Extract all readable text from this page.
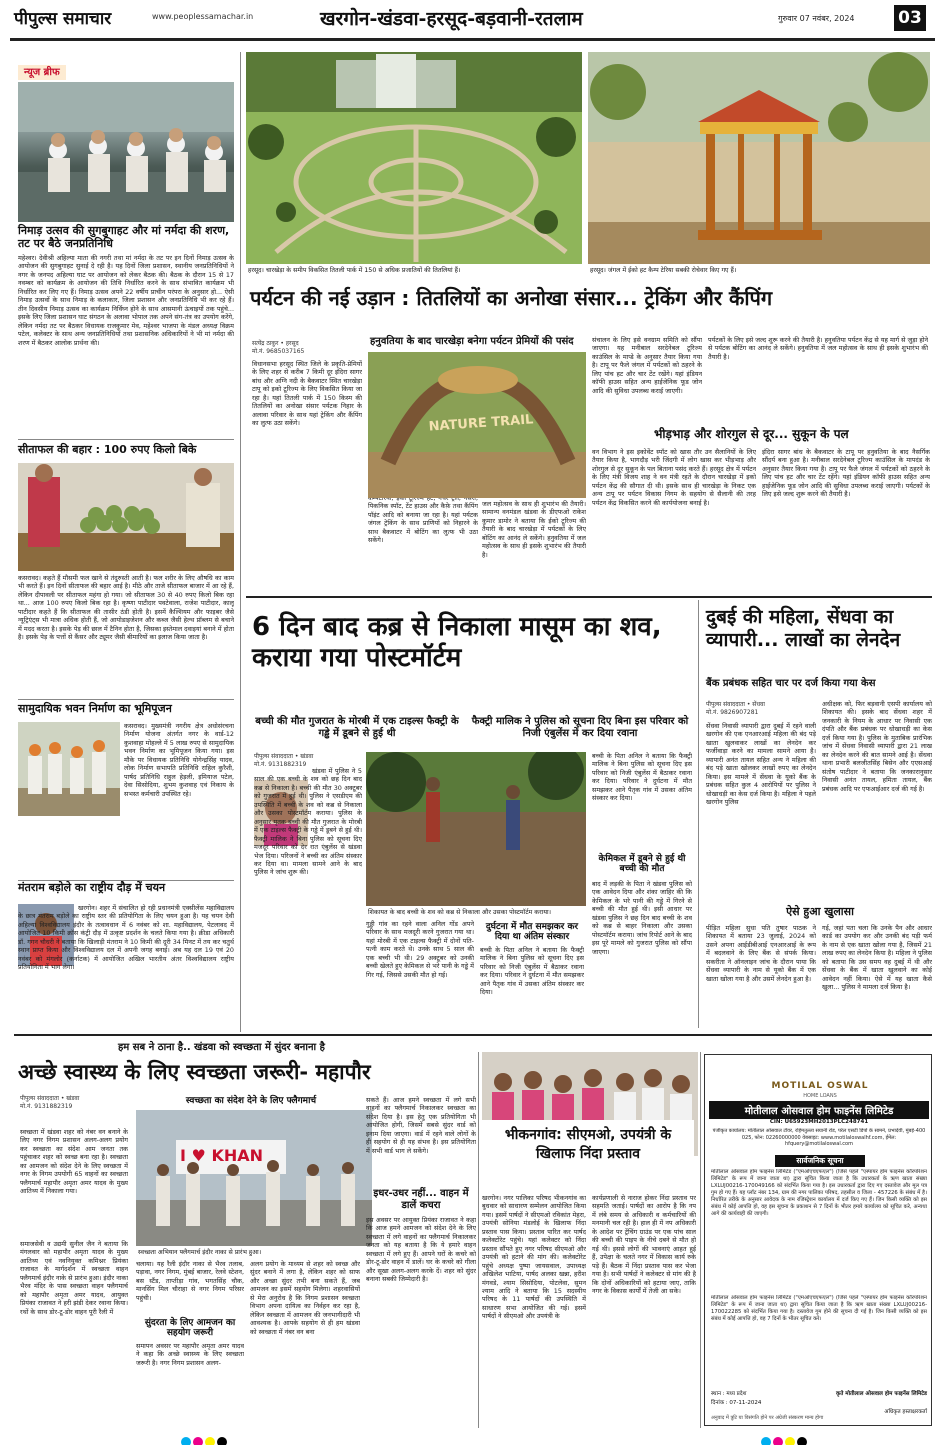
पीपुल्स समाचार	www.peoplessamachar.in	खरगोन-खंडवा-हरसूद-बड़वानी-रतलाम	गुरुवार 07 नवंबर, 2024	03
न्यूज ब्रीफ
निमाड़ उत्सव की सुगबुगाहट और मां नर्मदा की शरण, तट पर बैठे जनप्रतिनिधि
महेश्वर। देवीश्री अहिल्या माता की नगरी तथा मां नर्मदा के तट पर इन दिनों निमाड़ उत्सव के आयोजन की सुगबुगाहट सुनाई दे रही है। यह दिनों जिला प्रशासन, स्थानीय जनप्रतिनिधियों ने नगर के जनपद अहिल्या घाट पर आयोजन को लेकर बैठक की। बैठक के दौरान 15 से 17 नवम्बर को कार्यक्रम के आयोजन की तिथि निर्धारित करने के साथ संभावित कार्यक्रम भी निर्धारित कर लिए गए हैं। निमाड़ उत्सव अपने 22 वर्षीय प्राचीन परंपरा के अनुसार हो... ऐसी निमाड़ उत्सवों के साथ निमाड़ के कलाकार, जिला प्रशासन और जनप्रतिनिधि भी कर रहे हैं। तीन दिवसीय निमाड़ उत्सव का कार्यक्रम निर्विघ्न होने के साथ आसमानी ऊंचाइयों तक पहुंचे... इसके लिए जिला प्रशासन घाट संगठन के अलावा भोपाल तक अपने संग-तंत्र का उपयोग करेंगे, लेकिन नर्मदा तट पर बैठकर विधायक राजकुमार मेव, महेश्वर भाजपा के मंडल अध्यक्ष विक्रम पटेल, कलेक्टर के साथ अन्य जनप्रतिनिधियों तथा प्रशासनिक अधिकारियों ने भी मां नर्मदा की शरण में बैठकर आलोक प्रार्थना की।
सीताफल की बहार : 100 रुपए किलो बिके
कसरावद। कहते हैं मौसमी फल खाने से तंदुरुस्ती आती है। फल शरीर के लिए औषधि का काम भी करते हैं। इन दिनों सीताफल की बहार आई है। मीठे और ताजे सीताफल बाजार में आ रहे हैं, लेकिन दीपावली पर सीताफल महंगा हो गया। जो सीताफल 30 से 40 रुपए किलो बिक रहा था... आज 100 रुपए किलो बिक रहा है। कृष्णा पाटीदार पवटेवाला, राजेश पाटीदार, कालू पाटीदार कहते हैं कि सीताफल की तासीर ठंडी होती है। इसमें कैल्शियम और फाइबर जैसे न्यूट्रिएंट्स भी मात्रा अधिक होती हैं, जो आयोडाइजेशन और कब्ज जैसी हेल्थ प्रॉब्लम से बचाने में मदद करता है। इसके पेड़ की छाल में टैनिन होता है, जिसका इस्तेमाल दवाइयां बनाने में होता है। इसके पेड़ के पत्तों से कैंसर और ट्यूमर जैसी बीमारियों का इलाज किया जाता है।
सामुदायिक भवन निर्माण का भूमिपूजन
कसरावद। मुख्यमंत्री नगरीय क्षेत्र अधोसंरचना निर्माण योजना अंतर्गत नगर के वार्ड-12 कुशवाहा मोहल्ले में 5 लाख रुपए से सामुदायिक भवन निर्माण का भूमिपूजन किया गया। इस मौके पर विधायक प्रतिनिधि योगेन्द्रसिंह यादव, लोक निर्माण सभापति प्रतिनिधि राहिल कुरैशी, पार्षद प्रतिनिधि राहुल हेड़ली, इमियाज पटेल, देवा सिसोदिया, शुभम कुशवाह एवं निकाय के सभस्त कर्मचारी उपस्थित रहे।
मंतराम बड़ोले का राष्ट्रीय दौड़ में चयन
खरगोन। शहर में संचालित हो रही प्रधानमंत्री एक्सीलेंस महाविद्यालय के छात्र मंतराम बड़ोले का राष्ट्रीय स्तर की प्रतियोगिता के लिए चयन हुआ है। यह चयन देवी अहिल्या विश्वविद्यालय इंदौर के तत्वावधान में 6 नवंबर को शा. महाविद्यालय, पेटलावद में आयोजित 10 किमी क्रॉस कंट्री दौड़ में उत्कृष्ट प्रदर्शन के चलते किया गया है। क्रीडा अधिकारी डॉ. गगन चौधरी ने बताया कि खिलाड़ी मंतराम ने 10 किमी की दूरी 34 मिनट में तय कर चतुर्थ स्थान प्राप्त किया और विश्वविद्यालय दल में अपनी जगह बनाई। अब यह दल 19 एवं 20 नवंबर को मंगलोर (कर्नाटक) में आयोजित अखिल भारतीय अंतर विश्वविद्यालय राष्ट्रीय प्रतियोगिता में भाग लेगा।
हरसूद। चारखेड़ा के समीप विकसित तितली पार्क में 150 से अधिक प्रजातियों की तितलियां हैं।	हरसूद। जंगल में ईको हट कैम्प टेरिया सबकी रोचेवार किए गए हैं।
पर्यटन की नई उड़ान : तितलियों का अनोखा संसार... ट्रेकिंग और कैंपिंग
सत्येंद्र ठाकुर • हरसूद
मो.नं. 9685037165
हनुवतिया के बाद चारखेड़ा बनेगा पर्यटन प्रेमियों की पसंद
विधानसभा हरसूद स्थित जिले के प्रकृति-प्रेमियों के लिए शहर से करीब 7 किमी दूर इंदिरा सागर बांध और अग्नि नदी के बैकवाटर स्थित चारखेड़ा टापू को इको टूरिज्म के लिए विकसित किया जा रहा है। यहां तितली पार्क में 150 किस्म की तितलियों का अनोखा संसार पर्यटक निहार के अलावा परिवार के साथ यहां ट्रेकिंग और कैंपिंग का लुत्फ उठा सकेंगे।
पिकनिक स्पॉट, टेंट हाउस और कैफ़े तथा कैंपिंग पॉइंट आदि को बनाया जा रहा है। यहां पर्यटक जंगल ट्रेकिंग के साथ प्राणियों को निहारने के साथ बैकवाटर में बोटिंग का लुत्फ भी उठा सकेंगे।
NATURE TRAIL
जल महोत्सव के साथ ही शुभारंभ की तैयारी। सामान्य वनमंडल खंडवा के डीएफओ राकेश कुमार डामोर ने बताया कि ईको टूरिज्म की तैयारी के बाद चारखेड़ा में पर्यटकों के लिए बोटिंग का आनंद ले सकेंगे। हनुवतिया में जल महोत्सव के साथ ही इसके शुभारंभ की तैयारी है।
संचालन के लिए इसे वनग्राम समिति को सौंपा जाएगा। यह मनीबाल सरदेनेबल टूरिज्म काउंसिल के माप्डे के अनुसार तैयार किया गया है। टापू पर फैले जंगल में पर्यटकों को ठहरने के लिए पांच हट और चार टेंट रखेंगे। यहां इंडियन कॉफी हाउस सहित अन्य हाईजेनिक फूड जोन आदि की सुविधा उपलब्ध कराई जाएगी।
पर्यटकों के लिए इसे जल्द शुरू करने की तैयारी है। हनुवतिया पर्यटन केंद्र से यह मार्ग से जुड़ा होने से पर्यटक बोटिंग का आनंद ले सकेंगे। हनुवतिया में जल महोत्सव के साथ ही इसके शुभारंभ की तैयारी है।
भीड़भाड़ और शोरगुल से दूर... सुकून के पल
वन विभाग ने इस इकोवेंट स्पॉट को खास तौर उन सैलानियों के लिए तैयार किया है, भागदौड़ भरी जिंदगी में लोग खास कर भीड़भाड़ और शोरगुल से दूर सुकून के पल बिताना पसंद करते हैं। हरसूद क्षेत्र में पर्यटन के लिए मंत्री विजय शाह ने वन मंत्री रहते के दौरान चारखेड़ा में इको पर्यटन केंद्र की सौगात दी थी। इसके साथ ही चारखेड़ा के निकट एक अन्य टापू पर पर्यटन विकास निगम के सहयोग से सैलानी की तरह पर्यटन केंद्र विकसित करने की कार्ययोजना बनाई है।
इंदिरा सागर बांध के बैकवाटर के टापू पर हनुवतिया के बाद नैसर्गिक सौंदर्य बना हुआ है। मनीबाल सरदेनेबल टूरिज्म काउंसिल के मापदंड के अनुसार तैयार किया गया है। टापू पर फैले जंगल में पर्यटकों को ठहरने के लिए पांच हट और चार टेंट रहेंगे। यहां इंडियन कॉफी हाउस सहित अन्य हाईजेनिक फूड जोन आदि की सुविधा उपलब्ध कराई जाएगी। पर्यटकों के लिए इसे जल्द शुरू करने की तैयारी है।
6 दिन बाद कब्र से निकाला मासूम का शव, कराया गया पोस्टमॉर्टम
बच्ची की मौत गुजरात के मोरबी में एक टाइल्स फैक्ट्री के गड्ढे में डूबने से हुई थी
फैक्ट्री मालिक ने पुलिस को सूचना दिए बिना इस परिवार को निजी एंबुलेंस में कर दिया रवाना
पीपुल्स संवाददाता • खंडवा
मो.नं. 9131882319
खंडवा में पुलिस ने 5 साल की एक बच्ची के शव को छह दिन बाद कब्र से निकाला है। बच्ची की मौत 30 अक्टूबर को गुजरात में हुई थी। पुलिस ने एसडीएम की उपस्थिति में बच्ची के शव को कब्र से निकाला और उसका पोस्टमॉर्टम कराया। पुलिस के अनुसार मृतक बच्ची की मौत गुजरात के मोरबी में एक टाइल्स फैक्ट्री के गड्ढे में डूबने से हुई थी। फैक्ट्री मालिक ने बिना पुलिस को सूचना दिए मजदूर परिवार को देर रात एंबुलेंस से खंडवा भेज दिया। परिजनों ने बच्ची का अंतिम संस्कार कर दिया था। मामला सामने आने के बाद पुलिस ने जांच शुरू की।
शिकायत के बाद बच्ची के शव को कब्र से निकाला और उसका पोस्टमॉर्टम कराया।
गुड्डी गांव का रहने वाला अनिल गोंड अपने परिवार के साथ मजदूरी करने गुजरात गया था। यहां मोरबी में एक टाइल्स फैक्ट्री में दोनों पति-पत्नी काम करते थे। उनके साथ 5 साल की एक बच्ची भी थी। 29 अक्टूबर को उनकी बच्ची खेलते हुए केमिकल से भरे पानी के गड्ढे में गिर गई, जिससे उसकी मौत हो गई।
दुर्घटना में मौत समझकर कर दिया था अंतिम संस्कार
बच्ची के पिता अनिल ने बताया कि फैक्ट्री मालिक ने बिना पुलिस को सूचना दिए इस परिवार को निजी एंबुलेंस में बैठाकर रवाना कर दिया। परिवार ने दुर्घटना में मौत समझकर आने पैतृक गांव में उसका अंतिम संस्कार कर दिया।
बच्ची के पिता अनिल ने बताया कि फैक्ट्री मालिक ने बिना पुलिस को सूचना दिए इस परिवार को निजी एंबुलेंस में बैठाकर रवाना कर दिया। परिवार ने दुर्घटना में मौत समझकर आने पैतृक गांव में उसका अंतिम संस्कार कर दिया।
केमिकल में डूबने से हुई थी बच्ची की मौत
बाद में लड़की के पिता ने खंडवा पुलिस को एक आवेदन दिया और शंका जाहिर की कि केमिकल के भरे पानी की गड्ढे में गिरने से बच्ची की मौत हुई थी। इसी आधार पर खंडवा पुलिस ने छह दिन बाद बच्ची के शव को कब्र से बाहर निकाला और उसका पोस्टमॉर्टम कराया। जांच रिपोर्ट आने के बाद इस पूरे मामले को गुजरात पुलिस को सौंपा जाएगा।
दुबई की महिला, सेंधवा का व्यापारी... लाखों का लेनदेन
बैंक प्रबंधक सहित चार पर दर्ज किया गया केस
पीपुल्स संवाददाता • सेंधवा
मो.नं. 9826907281
सेंधवा निवासी व्यापारी द्वारा दुबई में रहने वाली खरगोन की एक एनआरआई महिला की बंद पड़े खाता खुलवाकर लाखों का लेनदेन कर फर्जीवाड़ा करने का मामला सामने आया है। व्यापारी अनंत तायल सहित अन्य ने महिला की बंद पड़े खाता खोलकर लाखों रुपए का लेनदेन किया। इस मामले में सेंधवा के यूको बैंक के प्रबंधक सहित कुल 4 आरोपियों पर पुलिस ने धोखाधड़ी का केस दर्ज किया है। महिला ने पहले खरगोन पुलिस
अधीक्षक को, फिर बड़वानी एसपी कार्यालय को शिकायत की। इसके बाद सेंधवा शहर में जनकारी के नियम के आधार पर निवासी एक दंपति और बैंक प्रबंधक पर धोखाधड़ी का केस दर्ज किया गया है। पुलिस के मुताबिक प्रारंभिक जांच में सेंधवा निवासी व्यापारी द्वारा 21 लाख का लेनदेन करने की बात सामने आई है। सेंधवा थाना प्रभारी बलजीतसिंह बिसेन और एएसआई संतोष पाटीदार ने बताया कि जनकारानुसार निवासी अनंत तायल, हमिता तायल, बैंक प्रबंधक आदि पर एफआईआर दर्ज की गई है।
ऐसे हुआ खुलासा
पीड़ित महिला सुधा पति तुषार पाठक ने शिकायत में बताया 23 जुलाई, 2024 को उसने अपना आईडीबीआई एनआरआई के रूप में बदलवाने के लिए बैंक से संपर्क किया। सकरीता ने ऑनलाइन जांच के दौरान पाया कि सेंधवा व्यापारी के नाम से यूको बैंक में एक खाता खोला गया है और उसमें लेनदेन हुआ है।
गई, जहां पता चला कि उनके पैन और आधार कार्ड का उपयोग कर और उनकी बंद पड़ी फर्म के नाम से एक खाता खोला गया है, जिसमें 21 लाख रुपए का लेनदेन किया है। महिला ने पुलिस को बताया कि उस समय वह दुबई में थी और सेंधवा के बैंक में खाता खुलवाने का कोई आवेदन नहीं किया। ऐसे में यह खाता कैसे खुला... पुलिस ने मामला दर्ज किया है।
हम सब ने ठाना है.. खंडवा को स्वच्छता में सुंदर बनाना है
अच्छे स्वास्थ्य के लिए स्वच्छता जरूरी- महापौर
पीपुल्स संवाददाता • खंडवा
मो.नं. 9131882319
स्वच्छता में खंडवा शहर को नंबर वन बनाने के लिए नगर निगम प्रशासन अलग-अलग प्रयोग कर स्वच्छता का संदेश आम जनता तक पहुंचाकर शहर को स्वच्छ बना रहा है। स्वच्छता का आमजन को संदेश देने के लिए स्वच्छता में नगर के निगम उपयोगी 65 वाहनों का स्वच्छता फ्लैगमार्च महापौर अमृता अमर यादव के मुख्य आतिथ्य में निकाला गया।
समाजसेवी व उद्यमी सुनील जैन ने बताया कि मंगलवार को महापौर अमृता यादव के मुख्य आतिथ्य एवं नवनियुक्त कमिश्नर प्रियंका राजावत के मार्गदर्शन में स्वच्छता वाहन फ्लैगमार्च इंदौर नाके से प्रारंभ हुआ। इंदौर नाका भैरव मंदिर के पास स्वच्छता वाहन फ्लैगमार्च को महापौर अमृता अमर यादव, आयुक्त प्रियंका राजावत ने हरी झंडी देकर रवाना किया। रथों के साथ डोर-टू-डोर वाहन पूरी रैली में
स्वच्छता का संदेश देने के लिए फ्लैगमार्च
I ♥ KHAN
स्वच्छता अभियान फ्लैगमार्च इंदौर नाका से प्रारंभ हुआ।
चलाया। यह रैली इंदौर नाका से भैरव तलाब, पड़ावा, नगर निगम, मुंबई बाजार, रेलवे स्टेशन, बस स्टैंड, ताप्तीड़ा गांव, भगतसिंह चौक, मानसिंग मिल चौराहा से नगर निगम परिसर पहुंची।
सुंदरता के लिए आमजन का सहयोग जरूरी
समापन अवसर पर महापौर अमृता अमर यादव ने कहा कि अच्छे स्वास्थ्य के लिए स्वच्छता जरूरी है। नगर निगम प्रशासन अलग-
अलग प्रयोग के माध्यम से शहर को स्वच्छ और सुंदर बनाने में लगा है, लेकिन शहर को साफ और अच्छा सुंदर तभी बना सकते हैं, जब आमजन का इसमें सहयोग मिलेगा। शहरवासियों से मेरा अनुरोध है कि निगम प्रशासन स्वच्छता विभाग अपना दायित्व का निर्वहन कर रहा है, लेकिन स्वच्छता में आमजन की जनभागीदारी भी आवश्यक है। आपके सहयोग से ही हम खंडवा को स्वच्छता में नंबर वन बना
सकते हैं। आज हमने स्वच्छता में लगे सभी वाहनों का फ्लैगमार्च निकालकर स्वच्छता का संदेश दिया है। इस हेतु एक प्रतियोगिता भी आयोजित होगी, जिसमें सबसे सुंदर वार्ड को इनाम दिया जाएगा। वार्ड में रहने वाले लोगों के ही सहयोग से ही यह संभव है। इस प्रतियोगिता में सभी वार्ड भाग ले सकेंगे।
इधर-उधर नहीं... वाहन में डालें कचरा
इस अवसर पर आयुक्त प्रियंका राजावत ने कहा कि आज हमने आमजन को संदेश देने के लिए स्वच्छता में लगे वाहनों का फ्लैगमार्च निकालकर जनता को यह बताया है कि ये हमारे वाहन स्वच्छता में लगे हुए हैं। आपने घरों के कचरे को डोर-टू-डोर वाहन में डालें। घर के कचरे को गीला और सूखा अलग-अलग करके दें। शहर को सुंदर बनाना सबकी जिम्मेदारी है।
भीकनगांव: सीएमओ, उपयंत्री के खिलाफ निंदा प्रस्ताव
खरगोन। नगर पालिका परिषद भीकनगांव का बुधवार को साधारण सम्मेलन आयोजित किया गया। इसमें पार्षदों ने सीएमओ रविकांत मेहरा, उपयंत्री सोनिया मंडलोई के खिलाफ निंदा प्रस्ताव पास किया। प्रस्ताव पारित कर पार्षद कलेक्टोरेट पहुंचे। यहां कलेक्टर को निंदा प्रस्ताव सौंपते हुए नगर परिषद सीएमओ और उपयंत्री को हटाने की मांग की। कलेक्टोरेट पहुंचे अध्यक्ष पुष्पा जायसवाल, उपाध्यक्ष अखिलेश भाटिया, पार्षद अलका खन्ना, हरीश मंगवडे, श्याम सिसोदिया, पोटलेवा, सुमन श्याम आदि ने बताया कि 15 सदस्यीय परिषद के 11 पार्षदों की उपस्थिति में साधारण सभा आयोजित की गई। इसमें पार्षदों ने सीएमओ और उपयंत्री के
कार्यप्रणाली से नाराज होकर निंदा प्रस्ताव पर सहमति जताई। पार्षदों का आरोप है कि नप में लंबे समय से अधिकारी व कर्मचारियों की मनमानी चल रही है। हाल ही में नप अधिकारी के आदेश पर ट्रेंचिंग ग्राउंड पर एक पांच साल की बच्ची की पाइप के नीचे दबने से मौत हो गई थी। इससे लोगों की भावनाएं आहत हुई हैं, उपेक्षा के चलते नगर में विकास कार्य रुके पड़े हैं। बैठक में निंदा प्रस्ताव पास कर भेजा गया है। सभी पार्षदों ने कलेक्टर से मांग की है कि दोनों अधिकारियों को हटाया जाए, ताकि नगर के विकास कार्यों में तेजी आ सके।
MOTILAL OSWAL
HOME LOANS
मोतीलाल ओसवाल होम फाइनेंस लिमिटेड
CIN: U65923MH2013PLC248741
पंजीकृत कार्यालय: मोतीलाल ओसवाल टॉवर, रहिमतुल्ला सयानी रोड, परेल एसटी डिपो के सामने, प्रभादेवी, मुंबई-400 025, फोन: 02260000000 वेबसाइट: www.motilaloswalhf.com, ईमेल: hfquery@motilaloswal.com
सार्वजनिक सूचना
मोतीलाल ओसवाल होम फाइनेंस लिमिटेड ("एमओएचएफएल") (जिसे पहले "एस्पायर होम फाइनेंस कॉरपोरेशन लिमिटेड" के रूप में जाना जाता था) द्वारा सूचित किया जाता है कि उधारकर्ता के ऋण खाता संख्या LXLUJ00216-170049166 को संदर्भित किया गया है। इस उधारकर्ता द्वारा दिए गए दस्तावेज और मूल पत्र गुम हो गए हैं। यह प्लॉट नंबर 134, ग्राम की नगर पालिका परिषद, तहसील व जिला - 457226 के संबंध में है। निर्धारित तरीके के अनुसार आवेदक के नाम रजिस्ट्रेशन कार्यालय में दर्ज किए गए हैं। जिन किसी व्यक्ति को इस संबंध में कोई आपत्ति हो, वह इस सूचना के प्रकाशन से 7 दिनों के भीतर हमारे कार्यालय को सूचित करे, अन्यथा आगे की कार्यवाही की जाएगी।
मोतीलाल ओसवाल होम फाइनेंस लिमिटेड ("एमओएचएफएल") (जिसे पहले "एस्पायर होम फाइनेंस कॉरपोरेशन लिमिटेड" के रूप में जाना जाता था) द्वारा सूचित किया जाता है कि ऋण खाता संख्या LXLUJ00216-170022285 को संदर्भित किया गया है। दस्तावेज गुम होने की सूचना दी गई है। जिन किसी व्यक्ति को इस संबंध में कोई आपत्ति हो, वह 7 दिनों के भीतर सूचित करे।
स्थान : मध्य प्रदेश
दिनांक : 07-11-2024
कृते मोतीलाल ओसवाल होम फाइनेंस लिमिटेड
अधिकृत हस्ताक्षरकर्ता
अनुवाद में त्रुटि या विसंगति होने पर अंग्रेजी संस्करण मान्य होगा
